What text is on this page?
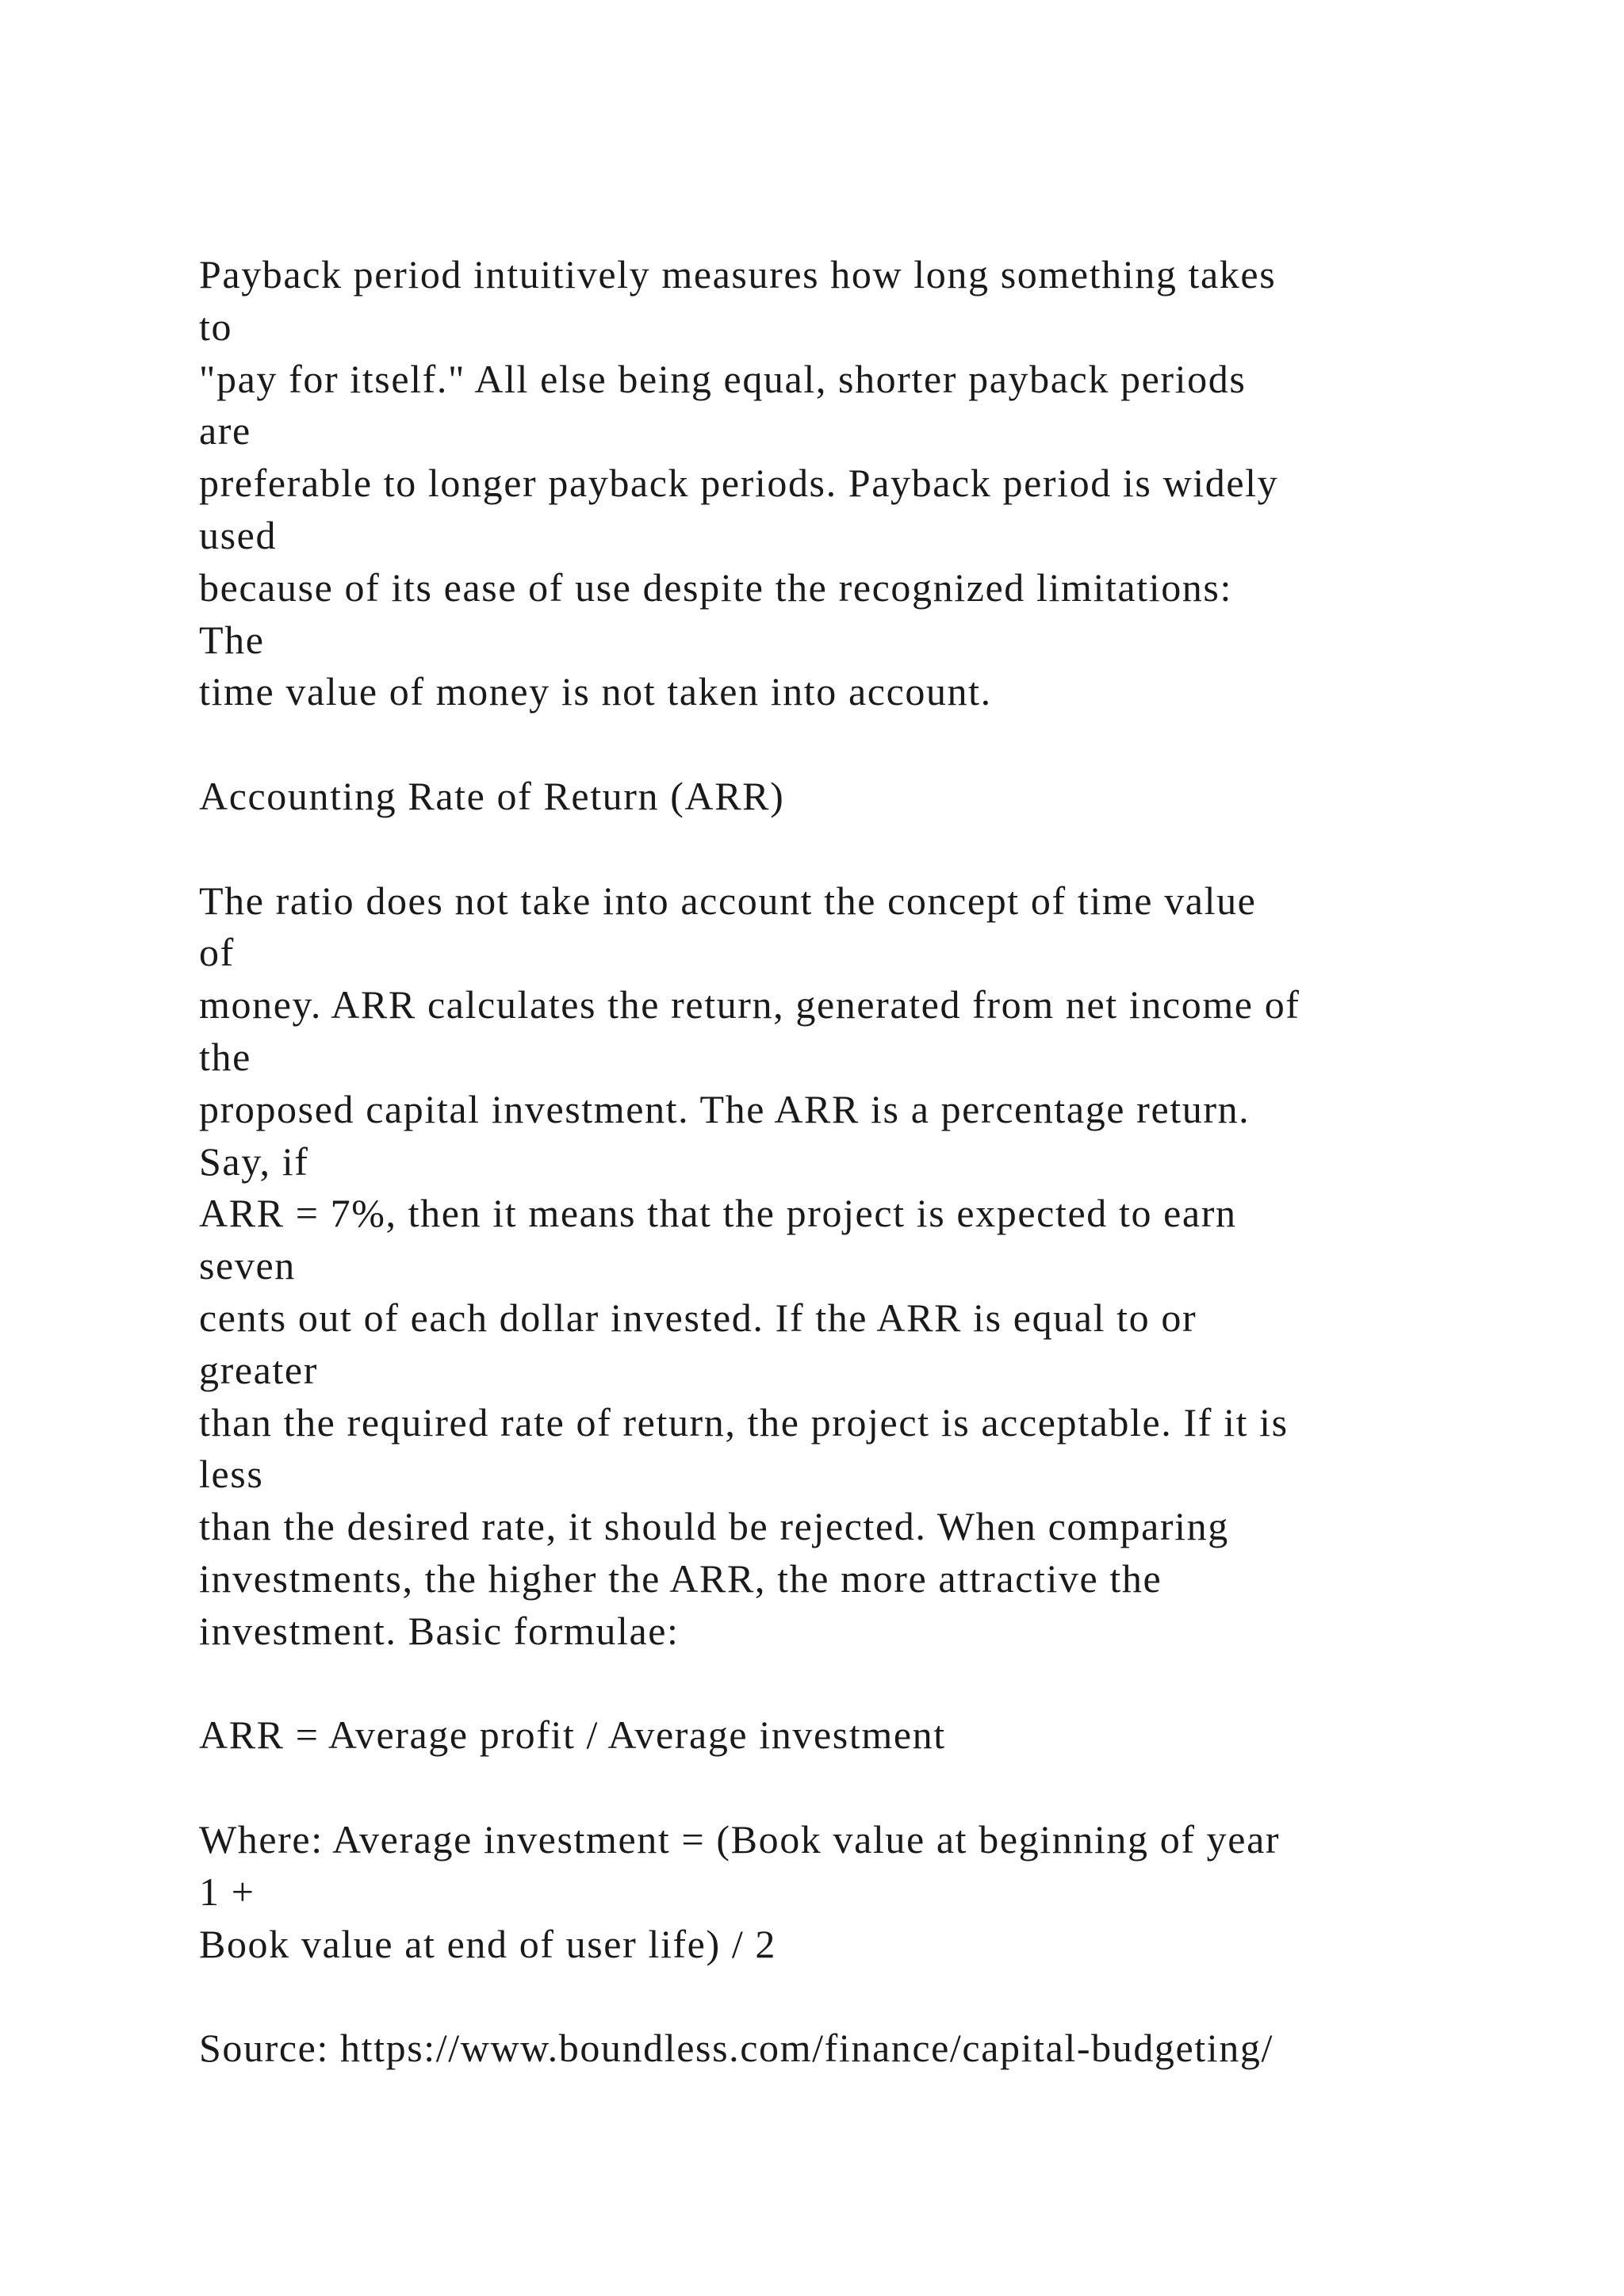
Payback period intuitively measures how long something takes
to
"pay for itself." All else being equal, shorter payback periods
are
preferable to longer payback periods. Payback period is widely
used
because of its ease of use despite the recognized limitations:
The
time value of money is not taken into account.
Accounting Rate of Return (ARR)
The ratio does not take into account the concept of time value
of
money. ARR calculates the return, generated from net income of
the
proposed capital investment. The ARR is a percentage return.
Say, if
ARR = 7%, then it means that the project is expected to earn
seven
cents out of each dollar invested. If the ARR is equal to or
greater
than the required rate of return, the project is acceptable. If it is
less
than the desired rate, it should be rejected. When comparing
investments, the higher the ARR, the more attractive the
investment. Basic formulae:
ARR = Average profit / Average investment
Where: Average investment = (Book value at beginning of year
1 +
Book value at end of user life) / 2
Source: https://www.boundless.com/finance/capital-budgeting/
